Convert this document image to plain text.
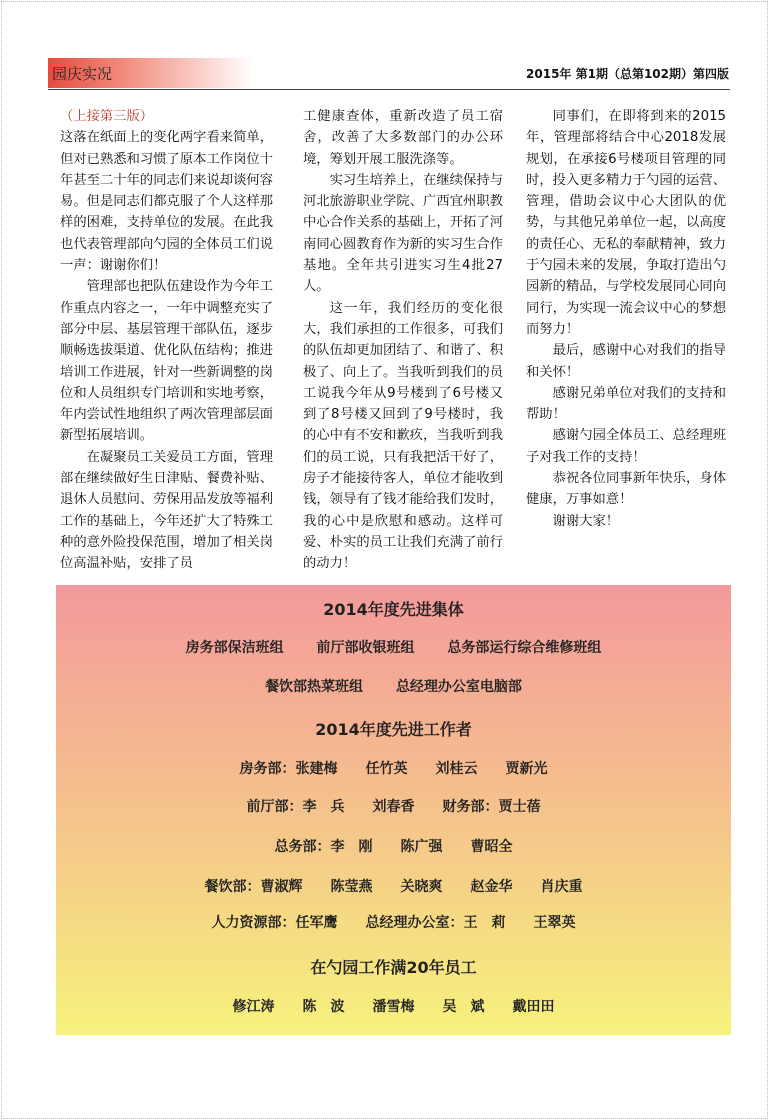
园庆实况	2015年 第1期（总第102期）第四版

（上接第三版）

这落在纸面上的变化两字看来简单，但对已熟悉和习惯了原本工作岗位十年甚至二十年的同志们来说却谈何容易。但是同志们都克服了个人这样那样的困难，支持单位的发展。在此我也代表管理部向勺园的全体员工们说一声：谢谢你们！

管理部也把队伍建设作为今年工作重点内容之一，一年中调整充实了部分中层、基层管理干部队伍，逐步顺畅选拔渠道、优化队伍结构；推进培训工作进展，针对一些新调整的岗位和人员组织专门培训和实地考察，年内尝试性地组织了两次管理部层面新型拓展培训。

在凝聚员工关爱员工方面，管理部在继续做好生日津贴、餐费补贴、退休人员慰问、劳保用品发放等福利工作的基础上，今年还扩大了特殊工种的意外险投保范围，增加了相关岗位高温补贴，安排了员

工健康查体，重新改造了员工宿舍，改善了大多数部门的办公环境，筹划开展工服洗涤等。

实习生培养上，在继续保持与河北旅游职业学院、广西宜州职教中心合作关系的基础上，开拓了河南同心圆教育作为新的实习生合作基地。全年共引进实习生4批27人。

这一年，我们经历的变化很大，我们承担的工作很多，可我们的队伍却更加团结了、和谐了、积极了、向上了。当我听到我们的员工说我今年从9号楼到了6号楼又到了8号楼又回到了9号楼时，我的心中有不安和歉疚，当我听到我们的员工说，只有我把活干好了，房子才能接待客人，单位才能收到钱，领导有了钱才能给我们发时，我的心中是欣慰和感动。这样可爱、朴实的员工让我们充满了前行的动力！

同事们，在即将到来的2015年，管理部将结合中心2018发展规划，在承接6号楼项目管理的同时，投入更多精力于勺园的运营、管理，借助会议中心大团队的优势，与其他兄弟单位一起，以高度的责任心、无私的奉献精神，致力于勺园未来的发展，争取打造出勺园新的精品，与学校发展同心同向同行，为实现一流会议中心的梦想而努力！

最后，感谢中心对我们的指导和关怀！

感谢兄弟单位对我们的支持和帮助！

感谢勺园全体员工、总经理班子对我工作的支持！

恭祝各位同事新年快乐，身体健康，万事如意！

谢谢大家！

2014年度先进集体
房务部保洁班组 前厅部收银班组 总务部运行综合维修班组
餐饮部热菜班组 总经理办公室电脑部
2014年度先进工作者
房务部：张建梅　　任竹英　　刘桂云　　贾新光
前厅部：李　兵　　刘春香　　财务部：贾士蓓
总务部：李　刚　　陈广强　　曹昭全
餐饮部：曹淑辉　　陈莹燕　　关晓爽　　赵金华　　肖庆重
人力资源部：任军鹰　　总经理办公室：王　莉　　王翠英
在勺园工作满20年员工
修江涛　　陈　波　　潘雪梅　　吴　斌　　戴田田
